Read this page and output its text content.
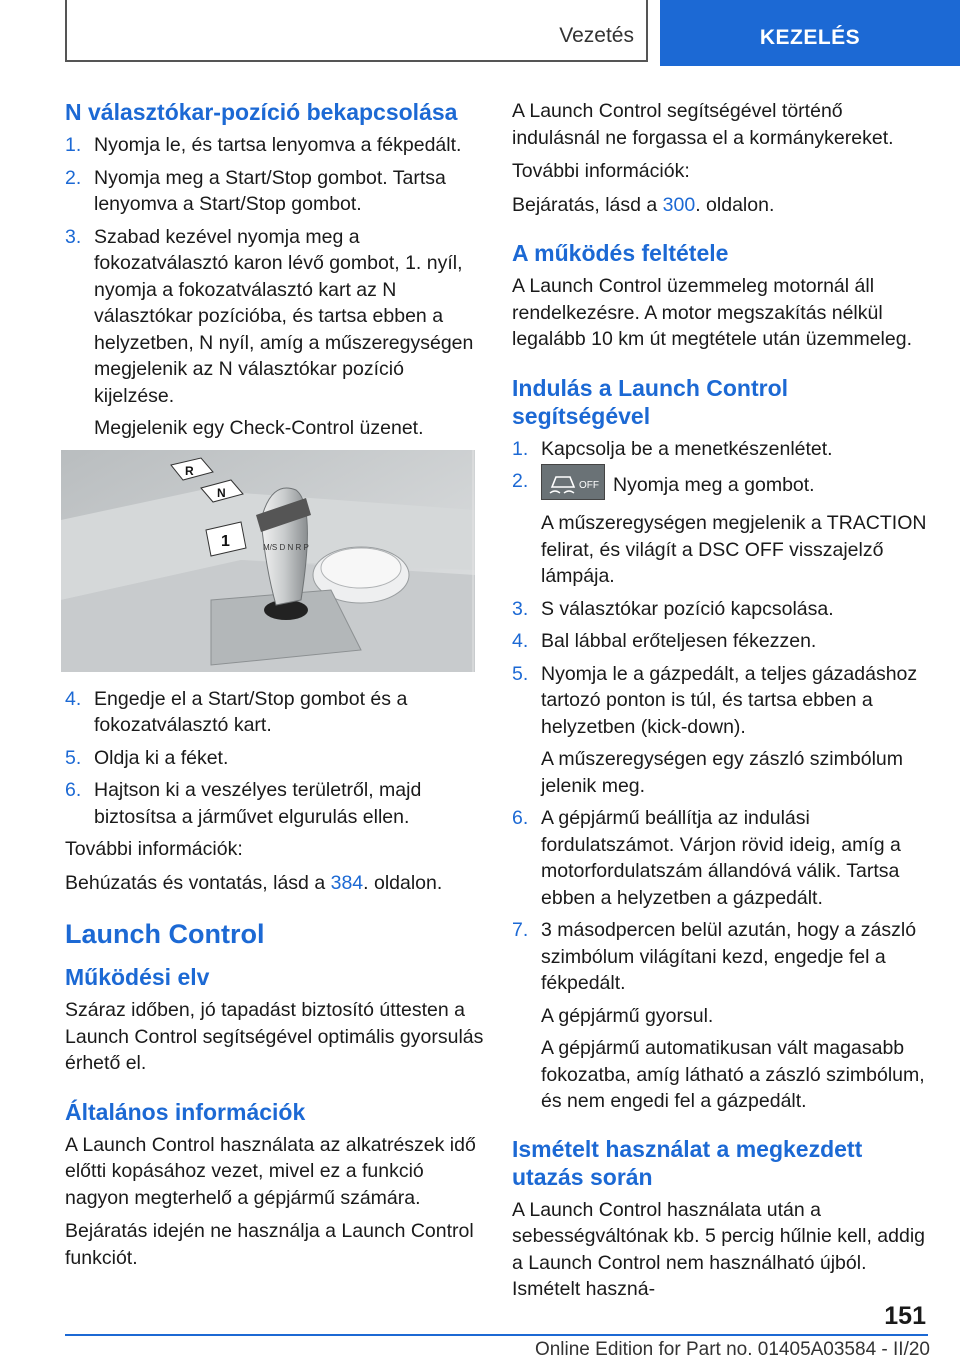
Vezetés	KEZELÉS
N választókar-pozíció bekapcsolása
1. Nyomja le, és tartsa lenyomva a fékpedált.
2. Nyomja meg a Start/Stop gombot. Tartsa lenyomva a Start/Stop gombot.
3. Szabad kezével nyomja meg a fokozatválasztó karon lévő gombot, 1. nyíl, nyomja a fokozatválasztó kart az N választókar pozícióba, és tartsa ebben a helyzetben, N nyíl, amíg a műszeregységen megjelenik az N választókar pozíció kijelzése.
Megjelenik egy Check-Control üzenet.
M/S D N R P
R
N
1
4. Engedje el a Start/Stop gombot és a fokozatválasztó kart.
5. Oldja ki a féket.
6. Hajtson ki a veszélyes területről, majd biztosítsa a járművet elgurulás ellen.

További információk:

Behúzatás és vontatás, lásd a 384. oldalon.

Launch Control
Működési elv

Száraz időben, jó tapadást biztosító úttesten a Launch Control segítségével optimális gyorsulás érhető el.

Általános információk

A Launch Control használata az alkatrészek idő előtti kopásához vezet, mivel ez a funkció nagyon megterhelő a gépjármű számára.

Bejáratás idején ne használja a Launch Control funkciót.

A Launch Control segítségével történő indulásnál ne forgassa el a kormánykereket.

További információk:

Bejáratás, lásd a 300. oldalon.

A működés feltétele

A Launch Control üzemmeleg motornál áll rendelkezésre. A motor megszakítás nélkül legalább 10 km út megtétele után üzemmeleg.

Indulás a Launch Control segítségével
1. Kapcsolja be a menetkészenlétet.
2.	OFF Nyomja meg a gombot.
A műszeregységen megjelenik a TRACTION felirat, és világít a DSC OFF visszajelző lámpája.
3. S választókar pozíció kapcsolása.
4. Bal lábbal erőteljesen fékezzen.
5. Nyomja le a gázpedált, a teljes gázadáshoz tartozó ponton is túl, és tartsa ebben a helyzetben (kick-down).
A műszeregységen egy zászló szimbólum jelenik meg.
6. A gépjármű beállítja az indulási fordulatszámot. Várjon rövid ideig, amíg a motorfordulatszám állandóvá válik. Tartsa ebben a helyzetben a gázpedált.
7. 3 másodpercen belül azután, hogy a zászló szimbólum világítani kezd, engedje fel a fékpedált.
A gépjármű gyorsul.
A gépjármű automatikusan vált magasabb fokozatba, amíg látható a zászló szimbólum, és nem engedi fel a gázpedált.
Ismételt használat a megkezdett utazás során

A Launch Control használata után a sebességváltónak kb. 5 percig hűlnie kell, addig a Launch Control nem használható újból. Ismételt haszná-

151
Online Edition for Part no. 01405A03584 - II/20
Downloaded from www.Manualslib.com manuals search engine
